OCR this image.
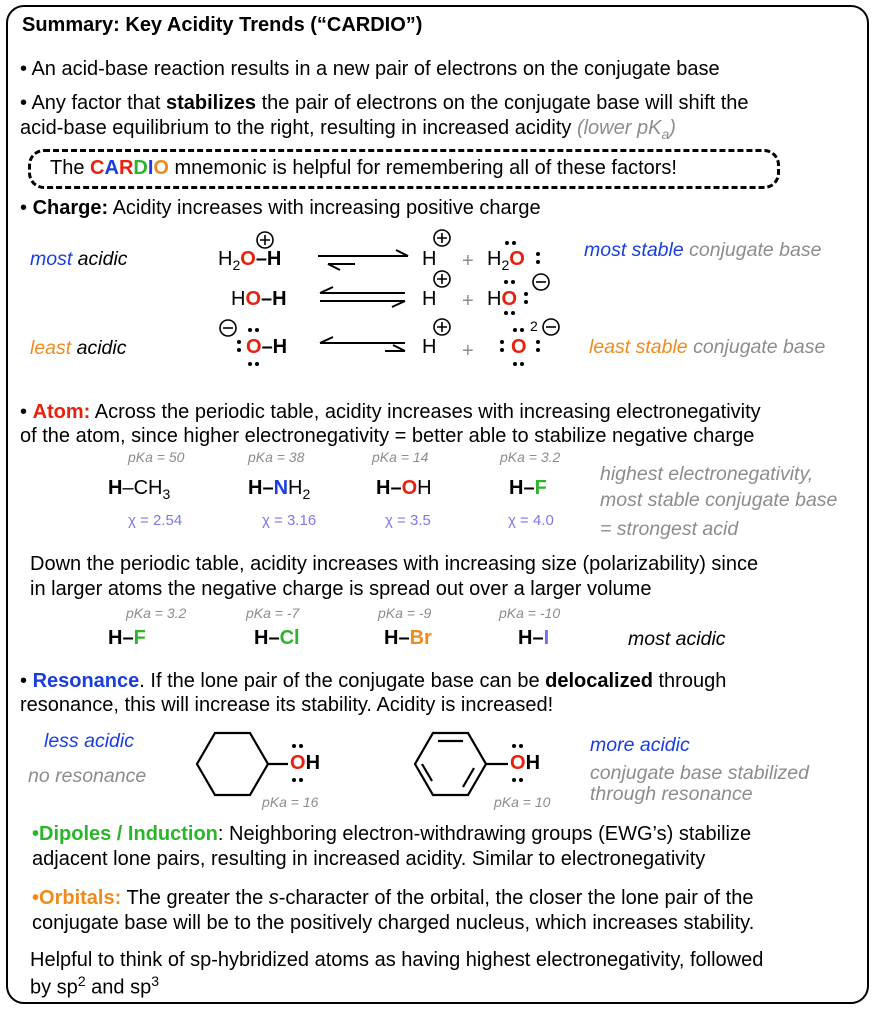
Summary: Key Acidity Trends (“CARDIO”)
• An acid-base reaction results in a new pair of electrons on the conjugate base
• Any factor that stabilizes the pair of electrons on the conjugate base will shift the
acid-base equilibrium to the right, resulting in increased acidity (lower $pK_a$)
The CARDIO mnemonic is helpful for remembering all of these factors!
• Charge: Acidity increases with increasing positive charge
most acidic
least acidic
most stable conjugate base
least stable conjugate base
$H_2O-H$	$H + H_2O$
HO–H	H + HO
O–H	H + O
2
• Atom: Across the periodic table, acidity increases with increasing electronegativity
of the atom, since higher electronegativity = better able to stabilize negative charge
pKa = 50	pKa = 38	pKa = 14	pKa = 3.2
$H-CH_3$	$H-NH_2$	H–OH	H–F
χ = 2.54	χ = 3.16	χ = 3.5	χ = 4.0
highest electronegativity,
most stable conjugate base
= strongest acid
Down the periodic table, acidity increases with increasing size (polarizability) since
in larger atoms the negative charge is spread out over a larger volume
pKa = 3.2	pKa = -7	pKa = -9	pKa = -10
H–F	H–Cl	H–Br	H–I	most acidic
• Resonance. If the lone pair of the conjugate base can be delocalized through
resonance, this will increase its stability. Acidity is increased!
less acidic
no resonance
more acidic
conjugate base stabilized
through resonance
OH	OH
pKa = 16	pKa = 10
•Dipoles / Induction: Neighboring electron-withdrawing groups (EWG’s) stabilize
adjacent lone pairs, resulting in increased acidity. Similar to electronegativity
•Orbitals: The greater the s-character of the orbital, the closer the lone pair of the
conjugate base will be to the positively charged nucleus, which increases stability.
Helpful to think of sp-hybridized atoms as having highest electronegativity, followed
by $sp^2$ and $sp^3$
